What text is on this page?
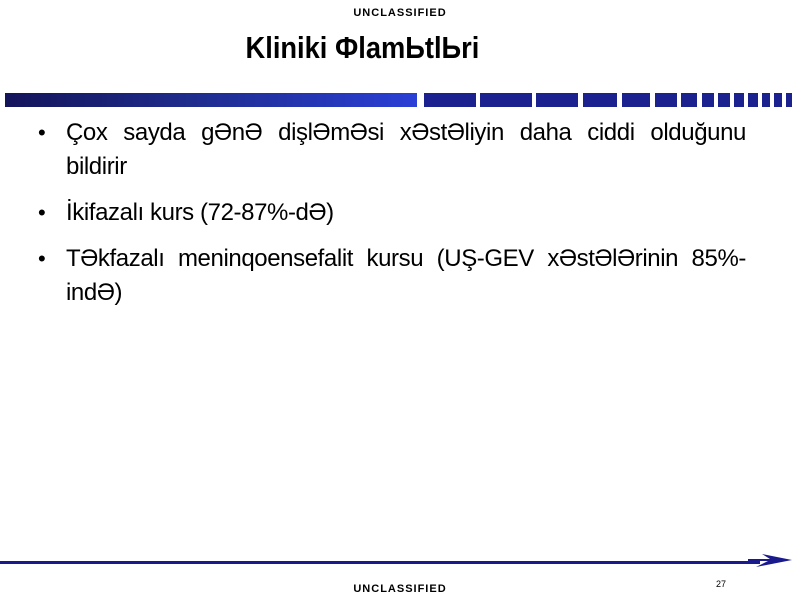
UNCLASSIFIED
Kliniki ФlamЬtlЬri
• Çox sayda gӘnӘ dişlӘmӘsi xӘstӘliyin daha ciddi olduğunu bildirir
• İkifazalı kurs (72-87%-dӘ)
• TӘkfazalı meninqoensefalit kursu (UŞ-GEV xӘstӘlӘrinin 85%-indӘ)
27
UNCLASSIFIED
